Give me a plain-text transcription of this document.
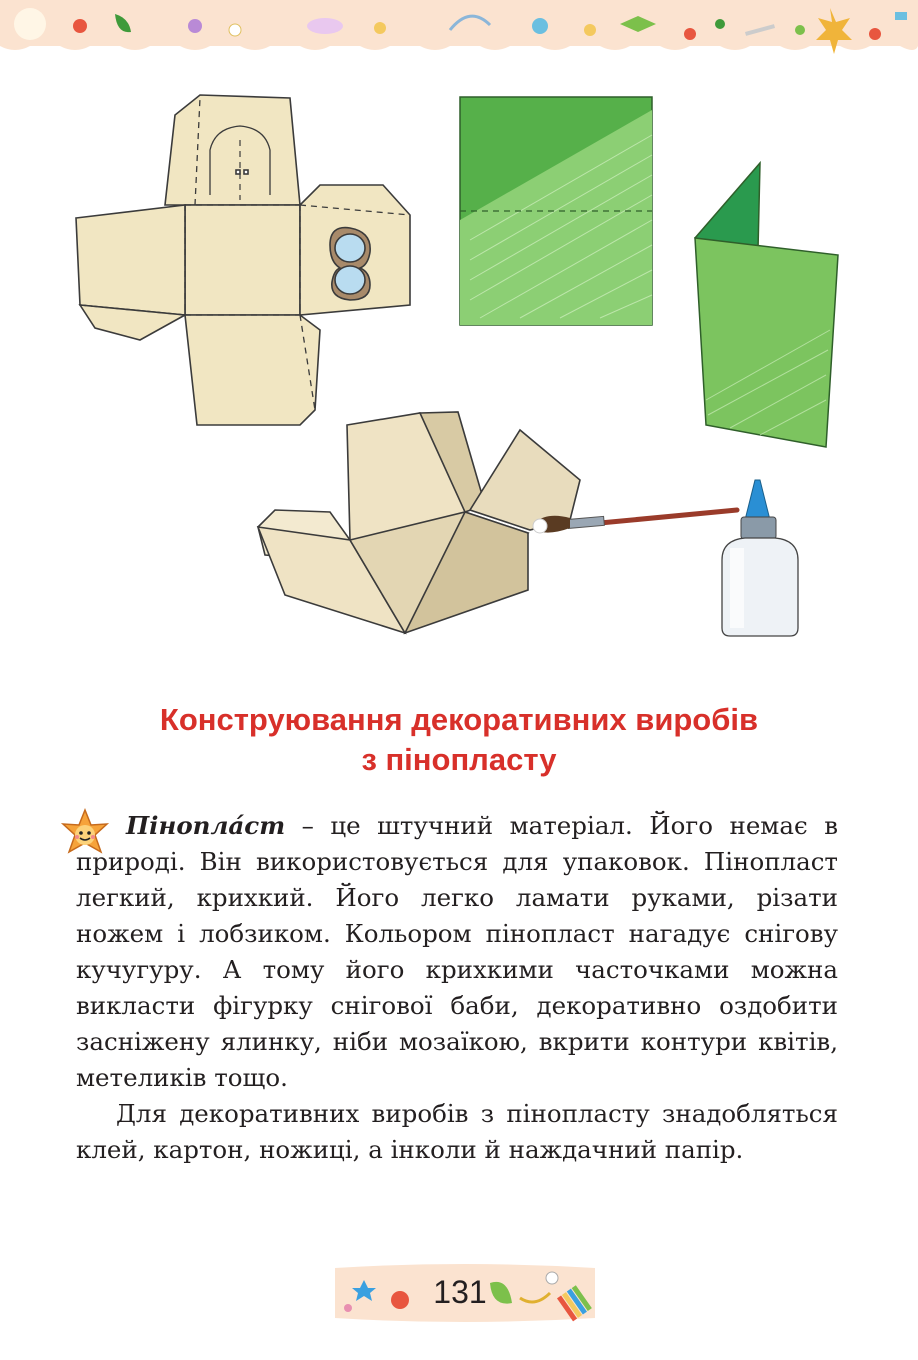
Конструювання декоративних виробів
з пінопласту

Пінопла́ст – це штучний матеріал. Його немає в природі. Він використовується для упаковок. Пінопласт легкий, крихкий. Його легко ламати руками, різати ножем і лобзиком. Кольором пінопласт нагадує снігову кучугуру. А тому його крихкими часточками можна викласти фігурку снігової баби, декоративно оздобити засніжену ялинку, ніби мозаїкою, вкрити контури квітів, метеликів тощо.

Для декоративних виробів з пінопласту знадобляться клей, картон, ножиці, а інколи й наждачний папір.

131
